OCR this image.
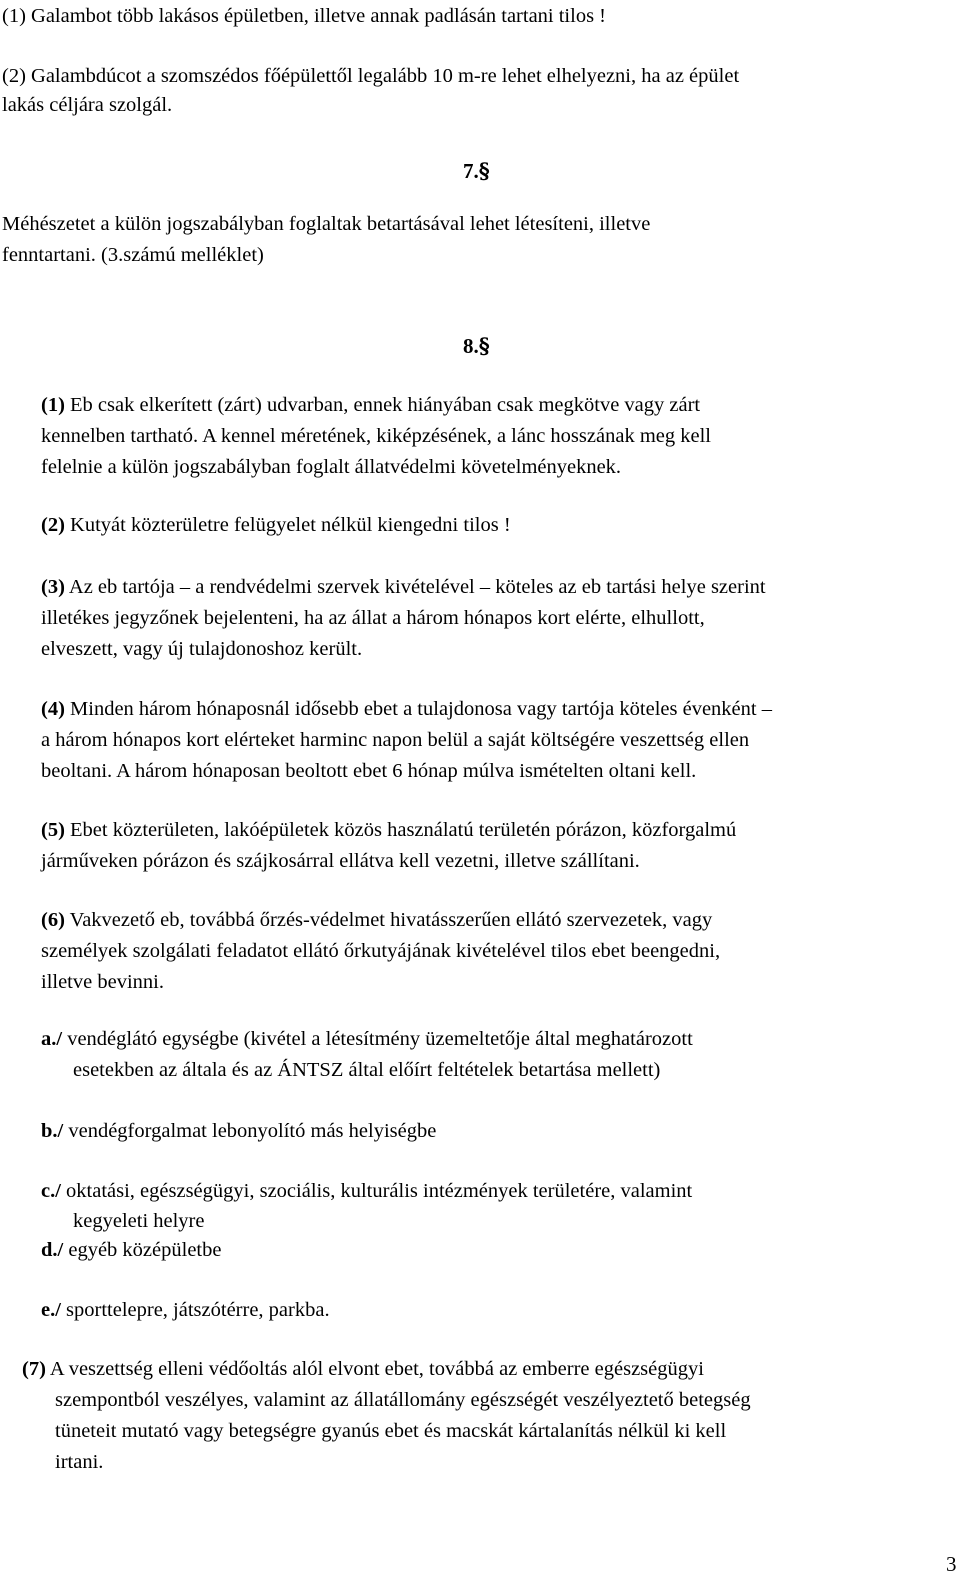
(1) Galambot több lakásos épületben, illetve annak padlásán tartani tilos !

(2) Galambdúcot a szomszédos főépülettől legalább 10 m-re lehet elhelyezni, ha az épület

lakás céljára szolgál.

7.§

Méhészetet a külön jogszabályban foglaltak betartásával lehet létesíteni, illetve

fenntartani. (3.számú melléklet)

8.§

(1) Eb csak elkerített (zárt) udvarban, ennek hiányában csak megkötve vagy zárt

kennelben tartható. A kennel méretének, kiképzésének, a lánc hosszának meg kell

felelnie a külön jogszabályban foglalt állatvédelmi követelményeknek.

(2) Kutyát közterületre felügyelet nélkül kiengedni tilos !

(3) Az eb tartója – a rendvédelmi szervek kivételével – köteles az eb tartási helye szerint

illetékes jegyzőnek bejelenteni, ha az állat a három hónapos kort elérte, elhullott,

elveszett, vagy új tulajdonoshoz került.

(4) Minden három hónaposnál idősebb ebet a tulajdonosa vagy tartója köteles évenként –

a három hónapos kort elérteket harminc napon belül a saját költségére veszettség ellen

beoltani. A három hónaposan beoltott ebet 6 hónap múlva ismételten oltani kell.

(5) Ebet közterületen, lakóépületek közös használatú területén pórázon, közforgalmú

járműveken pórázon és szájkosárral ellátva kell vezetni, illetve szállítani.

(6) Vakvezető eb, továbbá őrzés-védelmet hivatásszerűen ellátó szervezetek, vagy

személyek szolgálati feladatot ellátó őrkutyájának kivételével tilos ebet beengedni,

illetve bevinni.

a./ vendéglátó egységbe (kivétel a létesítmény üzemeltetője által meghatározott

esetekben az általa és az ÁNTSZ által előírt feltételek betartása mellett)

b./ vendégforgalmat lebonyolító más helyiségbe

c./ oktatási, egészségügyi, szociális, kulturális intézmények területére, valamint

kegyeleti helyre

d./ egyéb középületbe

e./ sporttelepre, játszótérre, parkba.

(7) A veszettség elleni védőoltás alól elvont ebet, továbbá az emberre egészségügyi

szempontból veszélyes, valamint az állatállomány egészségét veszélyeztető betegség

tüneteit mutató vagy betegségre gyanús ebet és macskát kártalanítás nélkül ki kell

irtani.

3
